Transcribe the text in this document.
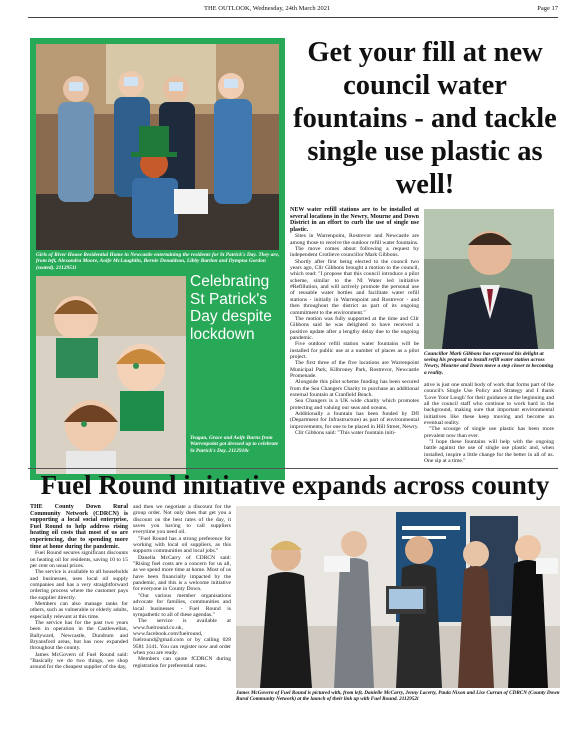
THE OUTLOOK, Wednesday, 24th March 2021	Page 17
Girls of River House Residential Home in Newcastle entertaining the residents for St Patrick's Day. They are, from left, Alexandra Moore, Aoife McLaughlin, Bernie Donaldson, Libby Bardon and Dympna Gordon (seated). 2112951i
Celebrating St Patrick's Day despite lockdown
Teagan, Grace and Aoife Burns from Warrenpoint got dressed up to celebrate St Patrick's Day. 2112918c
Get your fill at new council water fountains - and tackle single use plastic as well!

NEW water refill stations are to be installed at several locations in the Newry, Mourne and Down District in an effort to curb the use of single use plastic.

Sites in Warrenpoint, Rostrevor and Newcastle are among those to receive the outdoor refill water fountains.

The move comes about following a request by independent Crotlieve councillor Mark Gibbons.

Shortly after first being elected to the council two years ago, Cllr Gibbons brought a motion to the council, which read: "I propose that this council introduce a pilot scheme, similar to the NI Water led initiative #Refillution, and will actively promote the personal use of reusable water bottles and facilitate water refill stations - initially in Warrenpoint and Rostrevor - and then throughout the district as part of its ongoing commitment to the environment."

The motion was fully supported at the time and Cllr Gibbons said he was delighted to have received a positive update after a lengthy delay due to the ongoing pandemic.

Five outdoor refill station water fountains will be installed for public use at a number of places as a pilot project.

The first three of the five locations are Warrenpoint Municipal Park, Kilbroney Park, Rostrevor, Newcastle Promenade.

Alongside this pilot scheme funding has been secured from the Sea Changers Charity to purchase an additional external fountain at Cranfield Beach.

Sea Changers is a UK wide charity which promotes protecting and valuing our seas and oceans.

Additionally a fountain has been funded by DfI (Department for Infrastructure) as part of environmental improvements, for one to be placed in Hill Street, Newry.

Cllr Gibbons said: "This water fountain initi-

Councillor Mark Gibbons has expressed his delight at seeing his proposal to install refill water station across Newry, Mourne and Down move a step closer to becoming a reality.

ative is just one small body of work that forms part of the council's Single Use Policy and Strategy and I thank 'Love Your Lough' for their guidance at the beginning and all the council staff who continue to work hard in the background, making sure that important environmental initiatives like these keep moving and become an eventual reality.

"The scourge of single use plastic has been more prevalent now than ever.

"I hope these fountains will help with the ongoing battle against the use of single use plastic and, when installed, inspire a little change for the better in all of us. One sip at a time."

Fuel Round initiative expands across county

THE County Down Rural Community Network (CDRCN) is supporting a local social enterprise, Fuel Round to help address rising heating oil costs that most of us are experiencing, due to spending more time at home during the pandemic.

Fuel Round secures significant discounts on heating oil for residents, saving 10 to 15 per cent on usual prices.

The service is available to all households and businesses, uses local oil supply companies and has a very straightforward ordering process where the customer pays the supplier directly.

Members can also manage tanks for others, such as vulnerable or elderly adults, especially relevant at this time.

The service has for the past two years been in operation in the Castlewellan, Ballyward, Newcastle, Dundrum and Bryansford areas, but has now expanded throughout the county.

James McGovern of Fuel Round said: "Basically we do two things, we shop around for the cheapest supplier of the day,

and then we negotiate a discount for the group order. Not only does that get you a discount on the best rates of the day, it saves you having to call suppliers everytime you need oil.

"Fuel Round has a strong preference for working with local oil suppliers, as this supports communities and local jobs."

Danella McCarry of CDRCN said: "Rising fuel costs are a concern for us all, as we spend more time at home. Most of us have been financially impacted by the pandemic, and this is a welcome initiative for everyone in County Down.

"Our various member organisations advocate for families, communities and local businesses - Fuel Round is sympathetic to all of these agendas."

The service is available at www.fuelround.co.uk, www.facebook.com/fuelround, fuelround@gmail.com or by calling 028 9581 3141. You can register now and order when you are ready.

Members can quote fCDRCN during registration for preferential rates.

James McGovern of Fuel Round is pictured with, from left, Danielle McCarry, Jenny Lacerty, Paula Nixon and Lise Curran of CDRCN (County Down Rural Community Network) at the launch of their link up with Fuel Round. 2112952i
